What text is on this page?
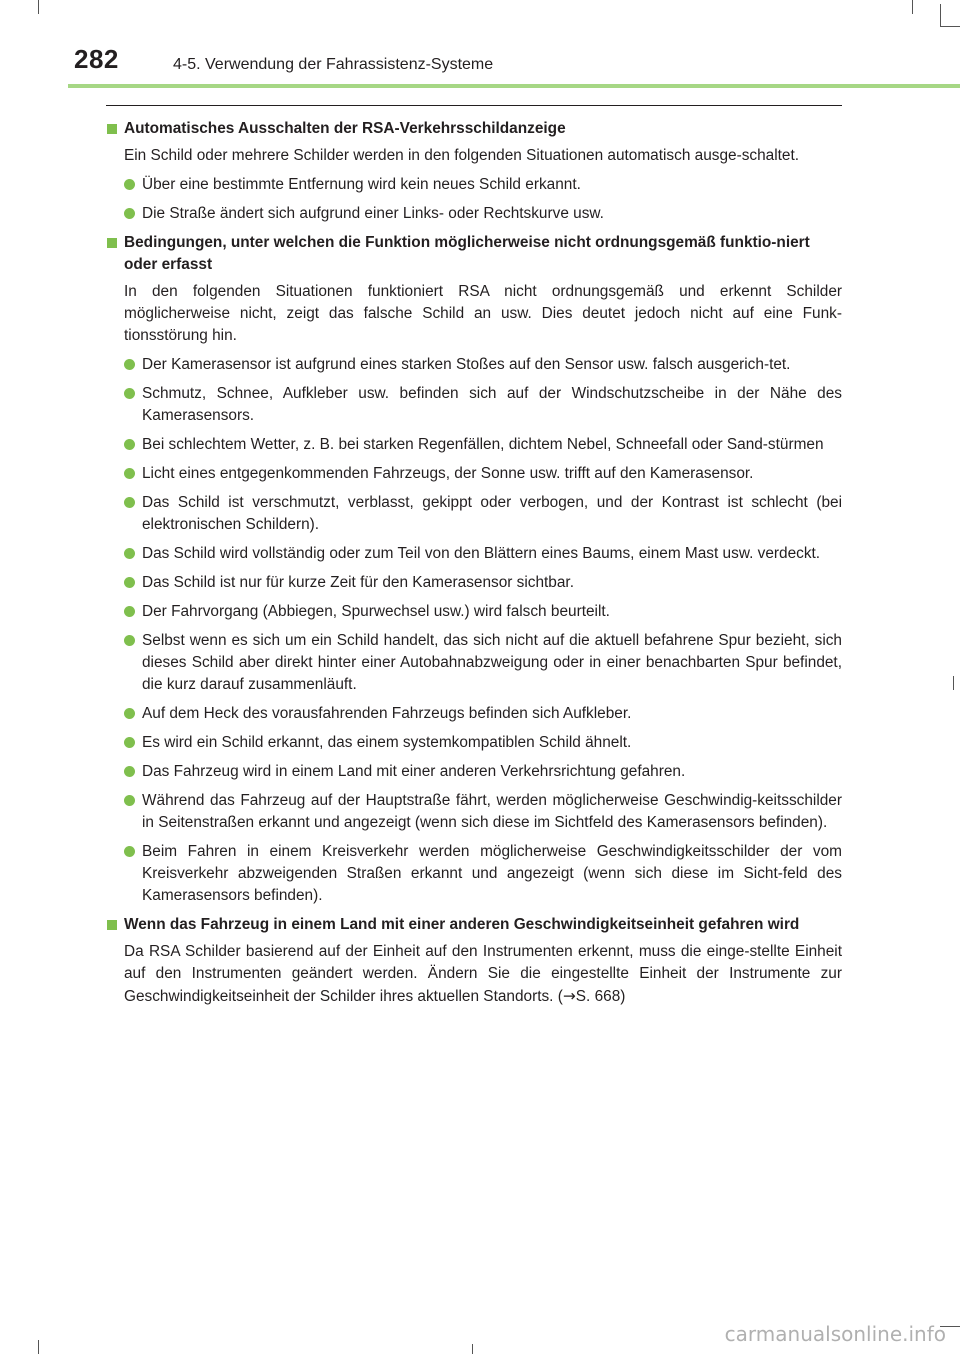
282	4-5. Verwendung der Fahrassistenz-Systeme
Automatisches Ausschalten der RSA-Verkehrsschildanzeige
Ein Schild oder mehrere Schilder werden in den folgenden Situationen automatisch ausge-schaltet.
Über eine bestimmte Entfernung wird kein neues Schild erkannt.
Die Straße ändert sich aufgrund einer Links- oder Rechtskurve usw.
Bedingungen, unter welchen die Funktion möglicherweise nicht ordnungsgemäß funktio-niert oder erfasst
In den folgenden Situationen funktioniert RSA nicht ordnungsgemäß und erkennt Schilder möglicherweise nicht, zeigt das falsche Schild an usw. Dies deutet jedoch nicht auf eine Funk-tionsstörung hin.
Der Kamerasensor ist aufgrund eines starken Stoßes auf den Sensor usw. falsch ausgerich-tet.
Schmutz, Schnee, Aufkleber usw. befinden sich auf der Windschutzscheibe in der Nähe des Kamerasensors.
Bei schlechtem Wetter, z. B. bei starken Regenfällen, dichtem Nebel, Schneefall oder Sand-stürmen
Licht eines entgegenkommenden Fahrzeugs, der Sonne usw. trifft auf den Kamerasensor.
Das Schild ist verschmutzt, verblasst, gekippt oder verbogen, und der Kontrast ist schlecht (bei elektronischen Schildern).
Das Schild wird vollständig oder zum Teil von den Blättern eines Baums, einem Mast usw. verdeckt.
Das Schild ist nur für kurze Zeit für den Kamerasensor sichtbar.
Der Fahrvorgang (Abbiegen, Spurwechsel usw.) wird falsch beurteilt.
Selbst wenn es sich um ein Schild handelt, das sich nicht auf die aktuell befahrene Spur bezieht, sich dieses Schild aber direkt hinter einer Autobahnabzweigung oder in einer benachbarten Spur befindet, die kurz darauf zusammenläuft.
Auf dem Heck des vorausfahrenden Fahrzeugs befinden sich Aufkleber.
Es wird ein Schild erkannt, das einem systemkompatiblen Schild ähnelt.
Das Fahrzeug wird in einem Land mit einer anderen Verkehrsrichtung gefahren.
Während das Fahrzeug auf der Hauptstraße fährt, werden möglicherweise Geschwindig-keitsschilder in Seitenstraßen erkannt und angezeigt (wenn sich diese im Sichtfeld des Kamerasensors befinden).
Beim Fahren in einem Kreisverkehr werden möglicherweise Geschwindigkeitsschilder der vom Kreisverkehr abzweigenden Straßen erkannt und angezeigt (wenn sich diese im Sicht-feld des Kamerasensors befinden).
Wenn das Fahrzeug in einem Land mit einer anderen Geschwindigkeitseinheit gefahren wird
Da RSA Schilder basierend auf der Einheit auf den Instrumenten erkennt, muss die einge-stellte Einheit auf den Instrumenten geändert werden. Ändern Sie die eingestellte Einheit der Instrumente zur Geschwindigkeitseinheit der Schilder ihres aktuellen Standorts. (→S. 668)
carmanualsonline.info
